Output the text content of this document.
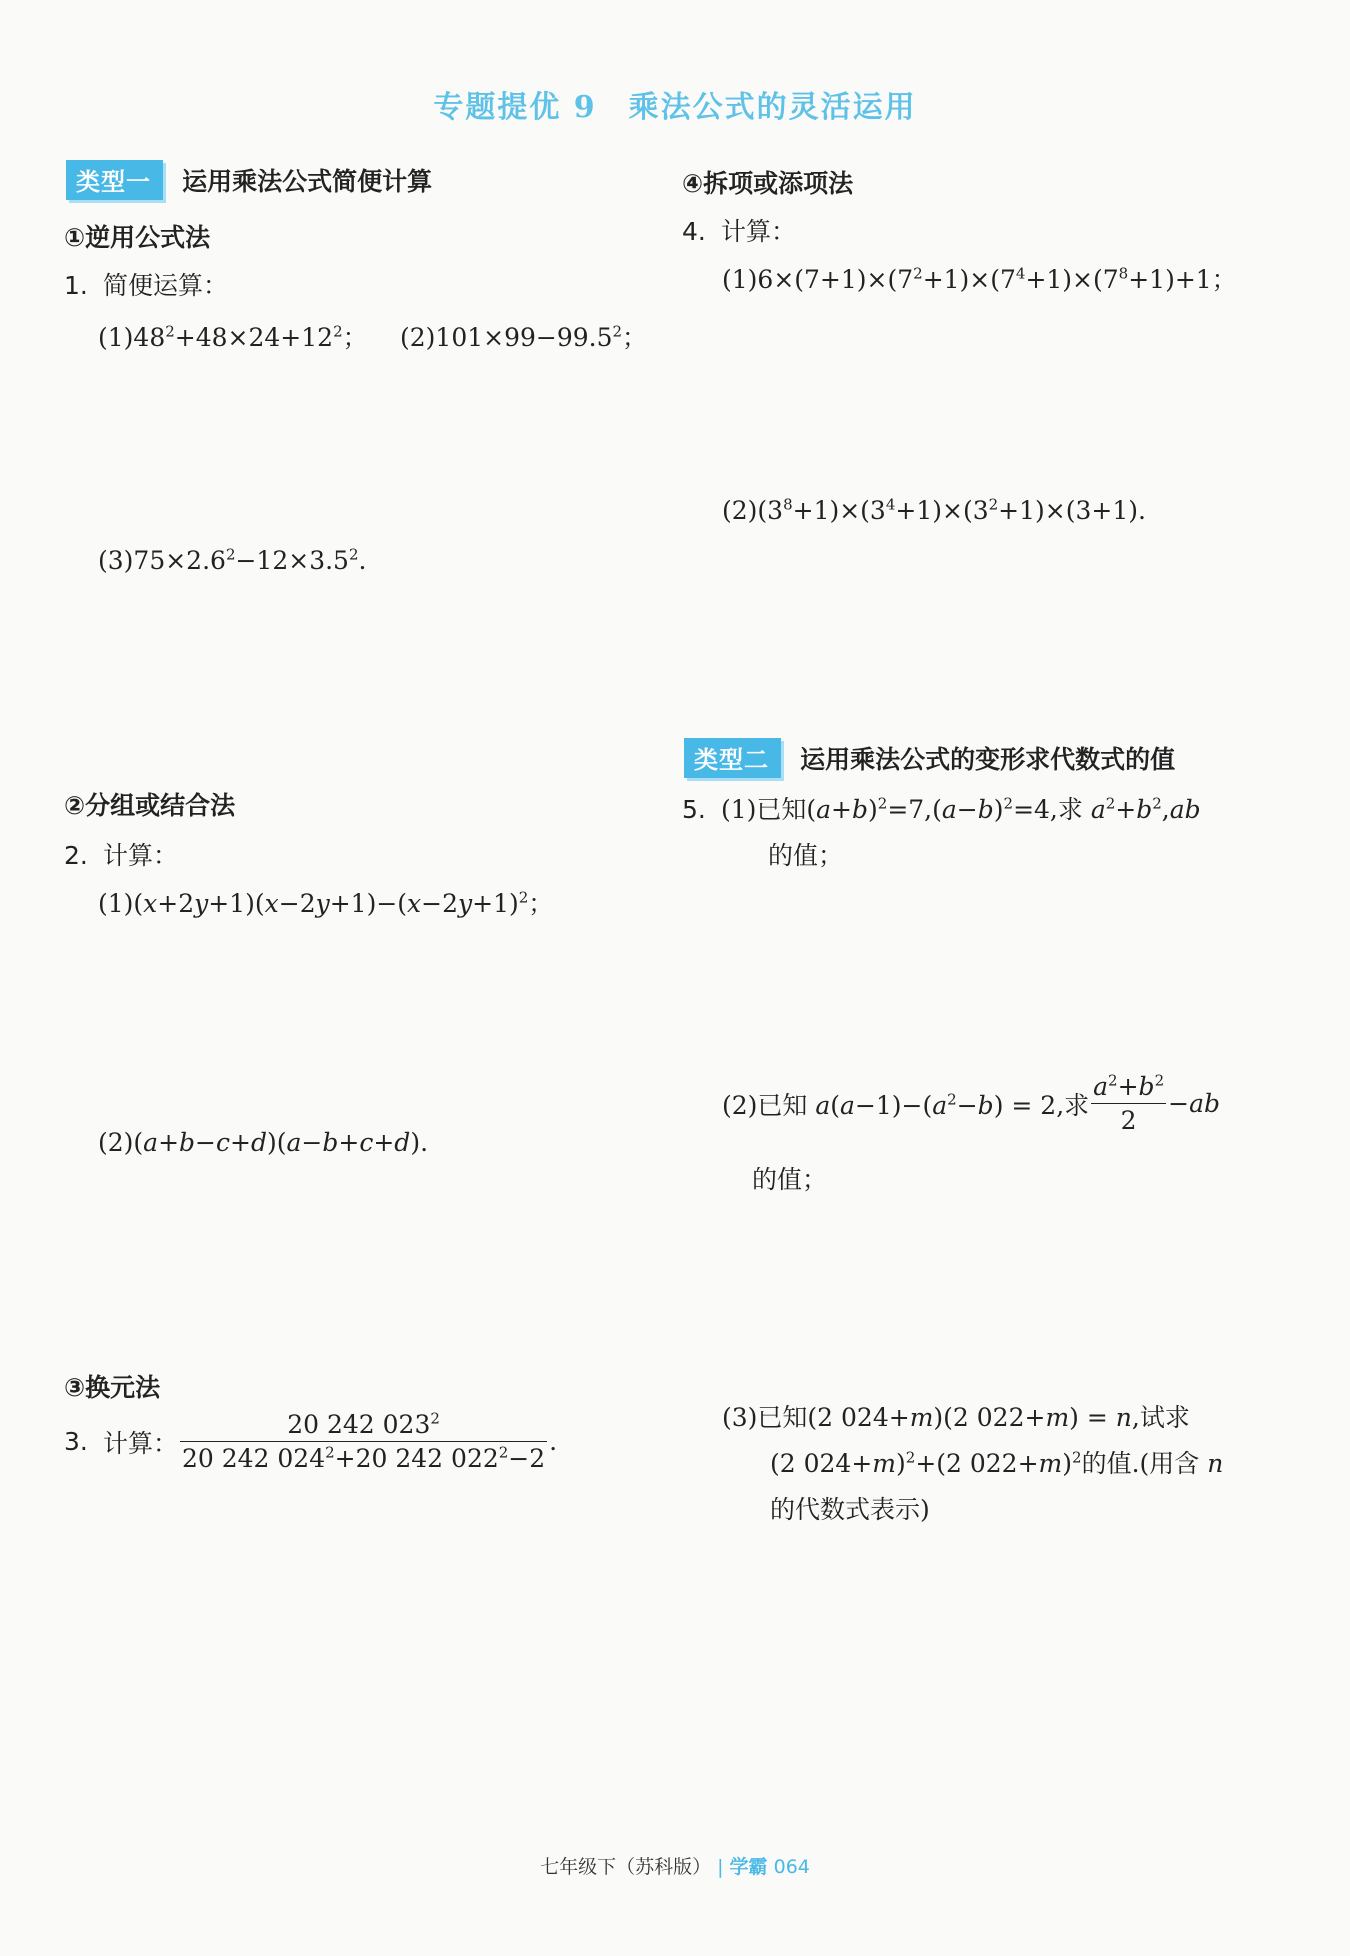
专题提优 9　乘法公式的灵活运用
类型一 运用乘法公式简便计算
①逆用公式法
1. 简便运算：
$(1)48^2+48\times 24+12^2$； $(2)101\times 99-99.5^2$；
$(3)75\times 2.6^2-12\times 3.5^2$.
②分组或结合法
2. 计算：
$(1)(x+2y+1)(x-2y+1)-(x-2y+1)^2$；
(2)(a+b−c+d)(a−b+c+d).
③换元法
3. 计算： $\frac{20 242 023^2}{20 242 024^2+20 242 022^2-2}$ .
④拆项或添项法
4. 计算：
$(1)6\times(7+1)\times(7^2+1)\times(7^4+1)\times(7^8+1)+1$；
$(2)(3^8+1)\times(3^4+1)\times(3^2+1)\times(3+1)$.
类型二 运用乘法公式的变形求代数式的值
5. (1)已知$(a+b)^2=7,(a-b)^2=4$,求 $a^2+b^2,ab$
的值；
(2)已知 $a(a-1)-(a^2-b) = 2$,求 $\frac{a^2+b^2}{2} -ab$
的值；
(3)已知(2 024+m)(2 022+m) = n,试求
(2 024+m)$^2$+(2 022+m)$^2$的值.(用含 n
的代数式表示)
七年级下（苏科版） | 学霸 064
